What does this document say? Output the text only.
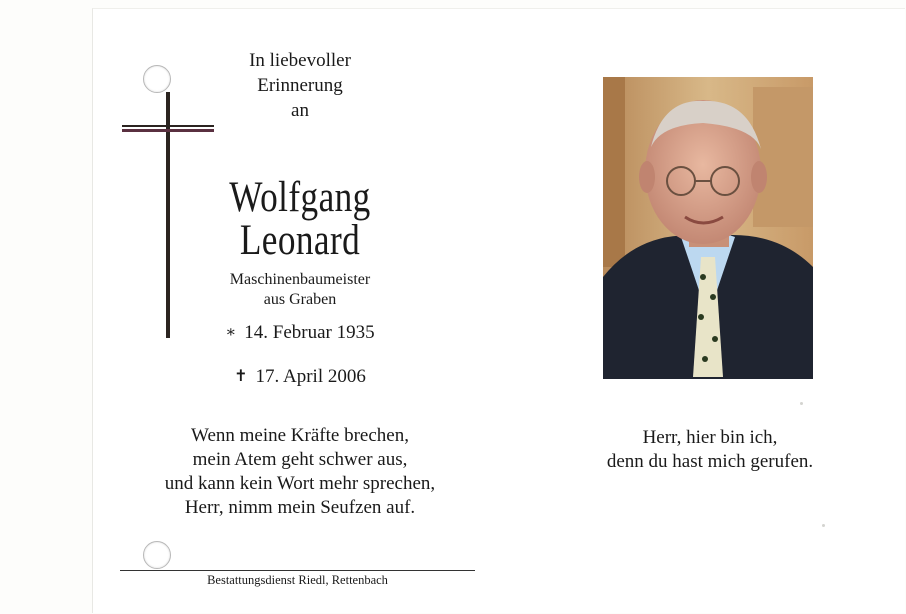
In liebevoller
Erinnerung
an
Wolfgang
Leonard
Maschinenbaumeister
aus Graben
∗ 14. Februar 1935
✝ 17. April 2006
Wenn meine Kräfte brechen,
mein Atem geht schwer aus,
und kann kein Wort mehr sprechen,
Herr, nimm mein Seufzen auf.
Herr, hier bin ich,
denn du hast mich gerufen.
Bestattungsdienst Riedl, Rettenbach
